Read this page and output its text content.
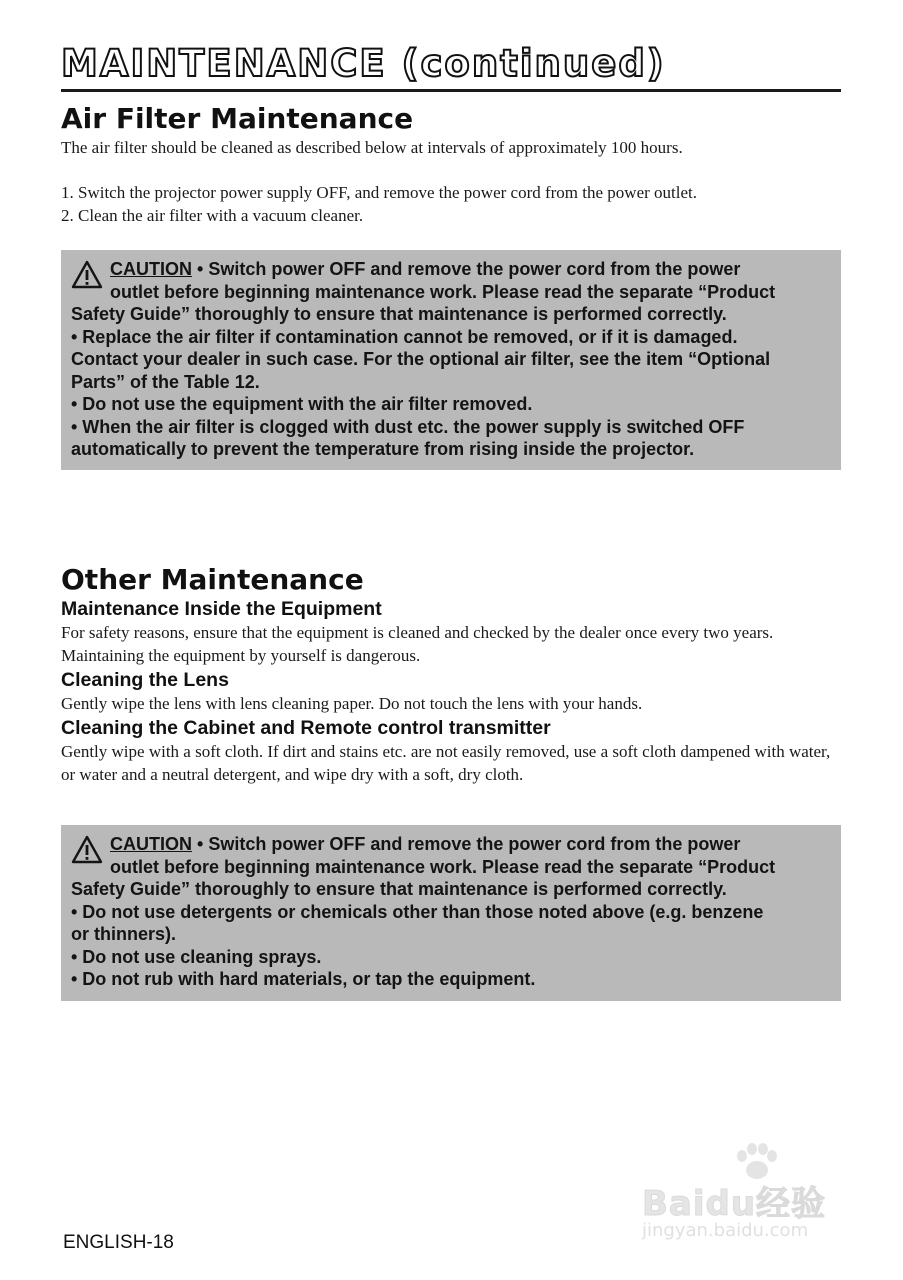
MAINTENANCE (continued)
Air Filter Maintenance

The air filter should be cleaned as described below at intervals of approximately 100 hours.

1. Switch the projector power supply OFF, and remove the power cord from the power outlet.

2. Clean the air filter with a vacuum cleaner.

CAUTION • Switch power OFF and remove the power cord from the power
outlet before beginning maintenance work. Please read the separate “Product
Safety Guide” thoroughly to ensure that maintenance is performed correctly.
• Replace the air filter if contamination cannot be removed, or if it is damaged.
Contact your dealer in such case. For the optional air filter, see the item “Optional
Parts” of the Table 12.
• Do not use the equipment with the air filter removed.
• When the air filter is clogged with dust etc. the power supply is switched OFF
automatically to prevent the temperature from rising inside the projector.
Other Maintenance
Maintenance Inside the Equipment

For safety reasons, ensure that the equipment is cleaned and checked by the dealer once every two years. Maintaining the equipment by yourself is dangerous.

Cleaning the Lens

Gently wipe the lens with lens cleaning paper. Do not touch the lens with your hands.

Cleaning the Cabinet and Remote control transmitter

Gently wipe with a soft cloth. If dirt and stains etc. are not easily removed, use a soft cloth dampened with water, or water and a neutral detergent, and wipe dry with a soft, dry cloth.

CAUTION • Switch power OFF and remove the power cord from the power
outlet before beginning maintenance work. Please read the separate “Product
Safety Guide” thoroughly to ensure that maintenance is performed correctly.
• Do not use detergents or chemicals other than those noted above (e.g. benzene
or thinners).
• Do not use cleaning sprays.
• Do not rub with hard materials, or tap the equipment.

Baidu经验

jingyan.baidu.com

ENGLISH-18
